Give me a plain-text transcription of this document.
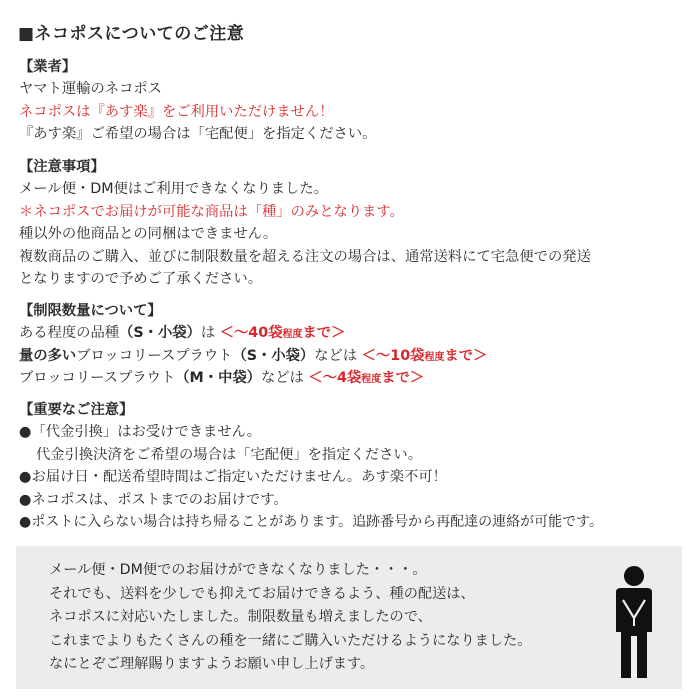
■ネコポスについてのご注意
【業者】
ヤマト運輸のネコポス
ネコポスは『あす楽』をご利用いただけません！
『あす楽』ご希望の場合は「宅配便」を指定ください。
【注意事項】
メール便・DM便はご利用できなくなりました。
＊ネコポスでお届けが可能な商品は「種」のみとなります。
種以外の他商品との同梱はできません。
複数商品のご購入、並びに制限数量を超える注文の場合は、通常送料にて宅急便での発送
となりますので予めご了承ください。
【制限数量について】
ある程度の品種（S・小袋）は ＜～40袋程度まで＞
量の多いブロッコリースプラウト（S・小袋）などは ＜～10袋程度まで＞
ブロッコリースプラウト（M・中袋）などは ＜～4袋程度まで＞
【重要なご注意】
●「代金引換」はお受けできません。
代金引換決済をご希望の場合は「宅配便」を指定ください。
●お届け日・配送希望時間はご指定いただけません。あす楽不可！
●ネコポスは、ポストまでのお届けです。
●ポストに入らない場合は持ち帰ることがあります。追跡番号から再配達の連絡が可能です。
メール便・DM便でのお届けができなくなりました・・・。
それでも、送料を少しでも抑えてお届けできるよう、種の配送は、
ネコポスに対応いたしました。制限数量も増えましたので、
これまでよりもたくさんの種を一緒にご購入いただけるようになりました。
なにとぞご理解賜りますようお願い申し上げます。
